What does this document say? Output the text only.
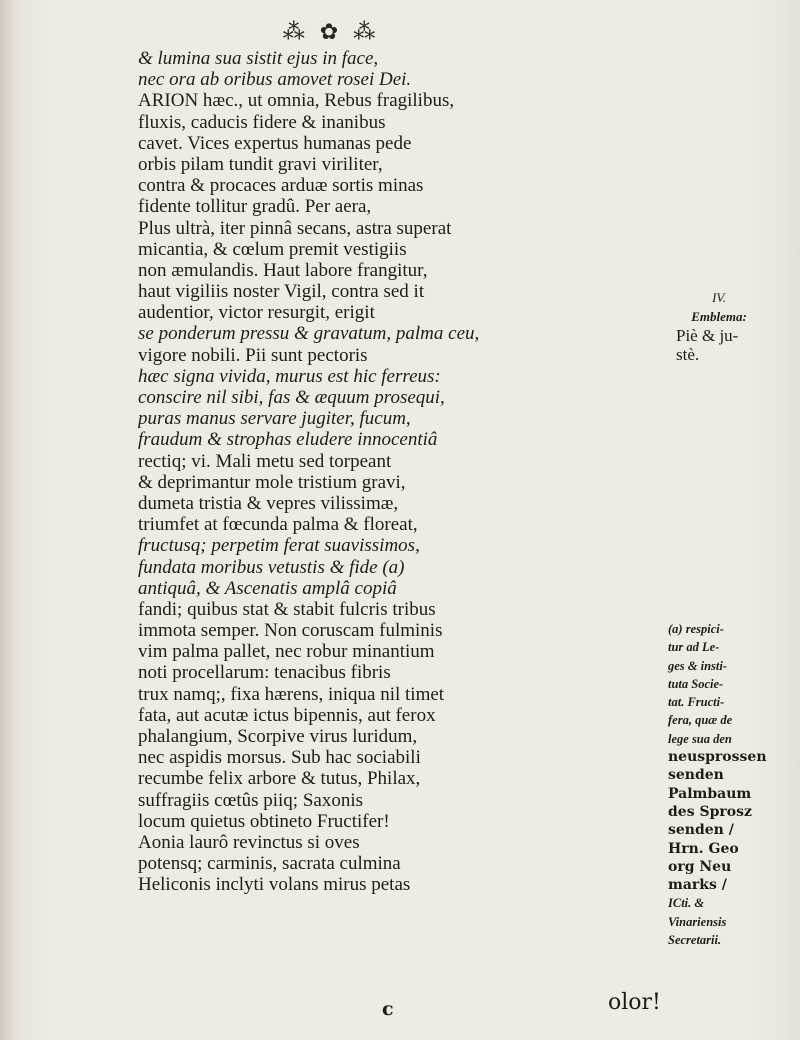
⁂ ✿ ⁂
& lumina sua sistit ejus in face,
nec ora ab oribus amovet rosei Dei.
ARION hæc., ut omnia, Rebus fragilibus,
fluxis, caducis fidere & inanibus
cavet. Vices expertus humanas pede
orbis pilam tundit gravi viriliter,
contra & procaces arduæ sortis minas
fidente tollitur gradû. Per aera,
Plus ultrà, iter pinnâ secans, astra superat
micantia, & cœlum premit vestigiis
non æmulandis. Haut labore frangitur,
haut vigiliis noster Vigil, contra sed it
audentior, victor resurgit, erigit
se ponderum pressu & gravatum, palma ceu,
vigore nobili. Pii sunt pectoris
hæc signa vivida, murus est hic ferreus:
conscire nil sibi, fas & æquum prosequi,
puras manus servare jugiter, fucum,
fraudum & strophas eludere innocentiâ
rectiq; vi. Mali metu sed torpeant
& deprimantur mole tristium gravi,
dumeta tristia & vepres vilissimæ,
triumfet at fœcunda palma & floreat,
fructusq; perpetim ferat suavissimos,
fundata moribus vetustis & fide (a)
antiquâ, & Ascenatis amplâ copiâ
fandi; quibus stat & stabit fulcris tribus
immota semper. Non coruscam fulminis
vim palma pallet, nec robur minantium
noti procellarum: tenacibus fibris
trux namq;, fixa hærens, iniqua nil timet
fata, aut acutæ ictus bipennis, aut ferox
phalangium, Scorpive virus luridum,
nec aspidis morsus. Sub hac sociabili
recumbe felix arbore & tutus, Philax,
suffragiis cœtûs piiq; Saxonis
locum quietus obtineto Fructifer!
Aonia laurô revinctus si oves
potensq; carminis, sacrata culmina
Heliconis inclyti volans mirus petas
IV.
Emblema:
Piè & ju-
stè.
(a) respici-
tur ad Le-
ges & insti-
tuta Socie-
tat. Fructi-
fera, quæ de
lege sua den
neusprossen
senden
Palmbaum
des Sprosz
senden /
Hrn. Geo
org Neu
marks /
ICti. &
Vinariensis
Secretarii.
c	olor!
